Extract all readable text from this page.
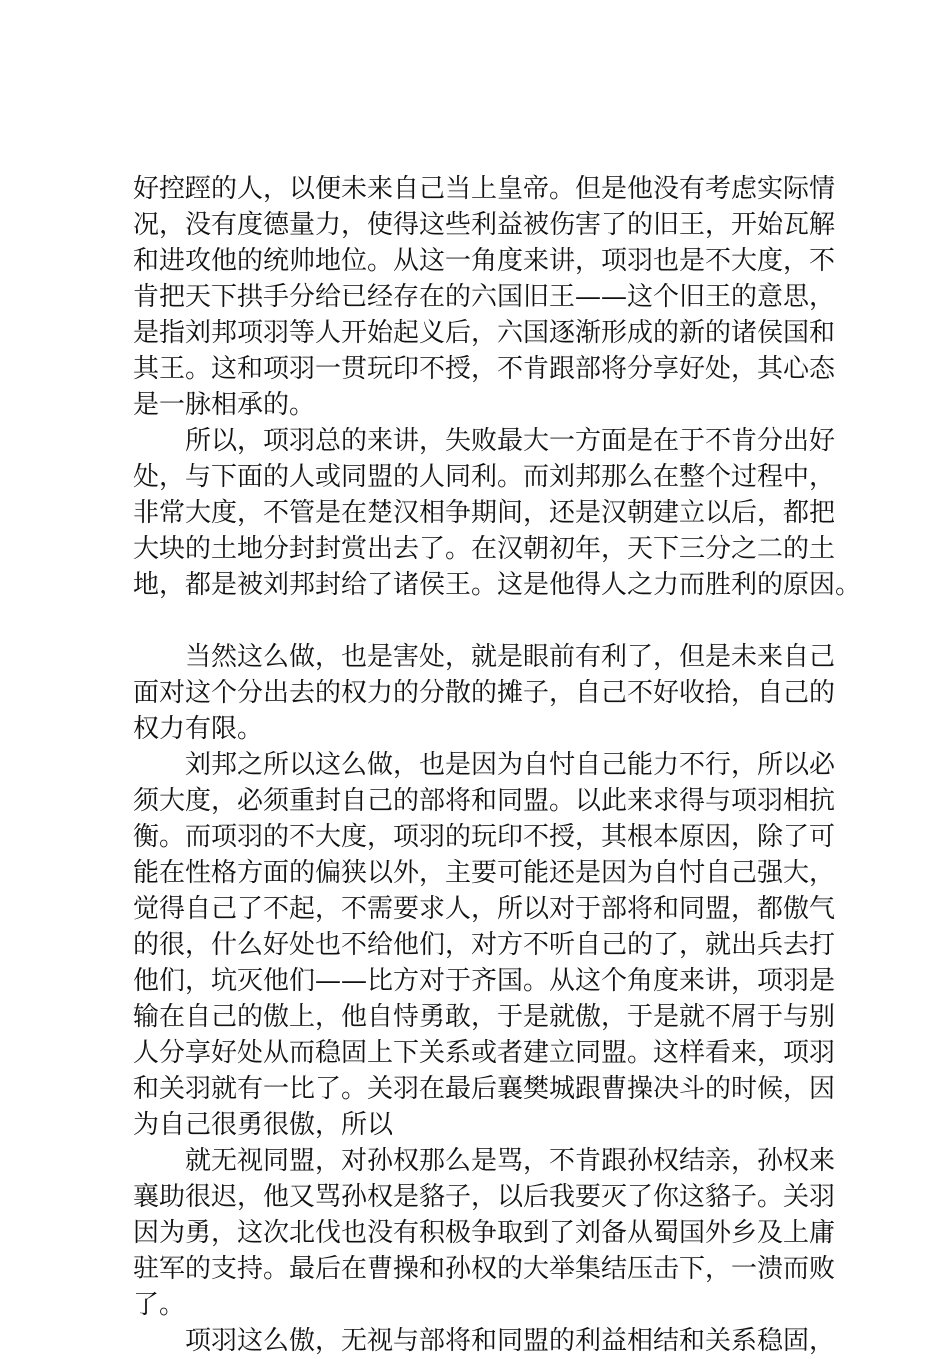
好控踁的人，以便未来自己当上皇帝。但是他没有考虑实际情
况，没有度德量力，使得这些利益被伤害了的旧王，开始瓦解
和进攻他的统帅地位。从这一角度来讲，项羽也是不大度，不
肯把天下拱手分给已经存在的六国旧王——这个旧王的意思，
是指刘邦项羽等人开始起义后，六国逐渐形成的新的诸侯国和
其王。这和项羽一贯玩印不授，不肯跟部将分享好处，其心态
是一脉相承的。
所以，项羽总的来讲，失败最大一方面是在于不肯分出好
处，与下面的人或同盟的人同利。而刘邦那么在整个过程中，
非常大度，不管是在楚汉相争期间，还是汉朝建立以后，都把
大块的土地分封封赏出去了。在汉朝初年，天下三分之二的土
地，都是被刘邦封给了诸侯王。这是他得人之力而胜利的原因。
当然这么做，也是害处，就是眼前有利了，但是未来自己
面对这个分出去的权力的分散的摊子，自己不好收拾，自己的
权力有限。
刘邦之所以这么做，也是因为自忖自己能力不行，所以必
须大度，必须重封自己的部将和同盟。以此来求得与项羽相抗
衡。而项羽的不大度，项羽的玩印不授，其根本原因，除了可
能在性格方面的偏狭以外，主要可能还是因为自忖自己强大，
觉得自己了不起，不需要求人，所以对于部将和同盟，都傲气
的很，什么好处也不给他们，对方不听自己的了，就出兵去打
他们，坑灭他们——比方对于齐国。从这个角度来讲，项羽是
输在自己的傲上，他自恃勇敢，于是就傲，于是就不屑于与别
人分享好处从而稳固上下关系或者建立同盟。这样看来，项羽
和关羽就有一比了。关羽在最后襄樊城跟曹操决斗的时候，因
为自己很勇很傲，所以
就无视同盟，对孙权那么是骂，不肯跟孙权结亲，孙权来
襄助很迟，他又骂孙权是貉子，以后我要灭了你这貉子。关羽
因为勇，这次北伐也没有积极争取到了刘备从蜀国外乡及上庸
驻军的支持。最后在曹操和孙权的大举集结压击下，一溃而败
了。
项羽这么傲，无视与部将和同盟的利益相结和关系稳固，
